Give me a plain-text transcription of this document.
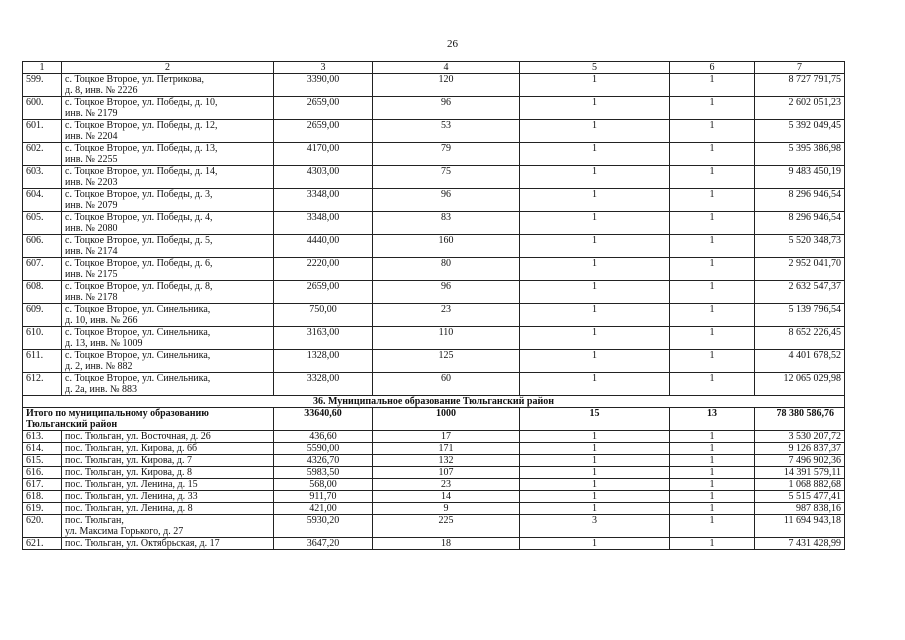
26
1	2	3	4	5	6	7
599.	с. Тоцкое Второе, ул. Петрикова,
д. 8, инв. № 2226	3390,00	120	1	1	8 727 791,75
600.	с. Тоцкое Второе, ул. Победы, д. 10,
инв. № 2179	2659,00	96	1	1	2 602 051,23
601.	с. Тоцкое Второе, ул. Победы, д. 12,
инв. № 2204	2659,00	53	1	1	5 392 049,45
602.	с. Тоцкое Второе, ул. Победы, д. 13,
инв. № 2255	4170,00	79	1	1	5 395 386,98
603.	с. Тоцкое Второе, ул. Победы, д. 14,
инв. № 2203	4303,00	75	1	1	9 483 450,19
604.	с. Тоцкое Второе, ул. Победы, д. 3,
инв. № 2079	3348,00	96	1	1	8 296 946,54
605.	с. Тоцкое Второе, ул. Победы, д. 4,
инв. № 2080	3348,00	83	1	1	8 296 946,54
606.	с. Тоцкое Второе, ул. Победы, д. 5,
инв. № 2174	4440,00	160	1	1	5 520 348,73
607.	с. Тоцкое Второе, ул. Победы, д. 6,
инв. № 2175	2220,00	80	1	1	2 952 041,70
608.	с. Тоцкое Второе, ул. Победы, д. 8,
инв. № 2178	2659,00	96	1	1	2 632 547,37
609.	с. Тоцкое Второе, ул. Синельника,
д. 10, инв. № 266	750,00	23	1	1	5 139 796,54
610.	с. Тоцкое Второе, ул. Синельника,
д. 13, инв. № 1009	3163,00	110	1	1	8 652 226,45
611.	с. Тоцкое Второе, ул. Синельника,
д. 2, инв. № 882	1328,00	125	1	1	4 401 678,52
612.	с. Тоцкое Второе, ул. Синельника,
д. 2а, инв. № 883	3328,00	60	1	1	12 065 029,98
36. Муниципальное образование Тюльганский район						

Итого по муниципальному образованию
Тюльганский район		33640,60	1000	15	13	78 380 586,76
613.	пос. Тюльган, ул. Восточная, д. 26	436,60	17	1	1	3 530 207,72
614.	пос. Тюльган, ул. Кирова, д. 6б	5590,00	171	1	1	9 126 837,37
615.	пос. Тюльган, ул. Кирова, д. 7	4326,70	132	1	1	7 496 902,36
616.	пос. Тюльган, ул. Кирова, д. 8	5983,50	107	1	1	14 391 579,11
617.	пос. Тюльган, ул. Ленина, д. 15	568,00	23	1	1	1 068 882,68
618.	пос. Тюльган, ул. Ленина, д. 33	911,70	14	1	1	5 515 477,41
619.	пос. Тюльган, ул. Ленина, д. 8	421,00	9	1	1	987 838,16
620.	пос. Тюльган,
ул. Максима Горького, д. 27	5930,20	225	3	1	11 694 943,18
621.	пос. Тюльган, ул. Октябрьская, д. 17	3647,20	18	1	1	7 431 428,99
